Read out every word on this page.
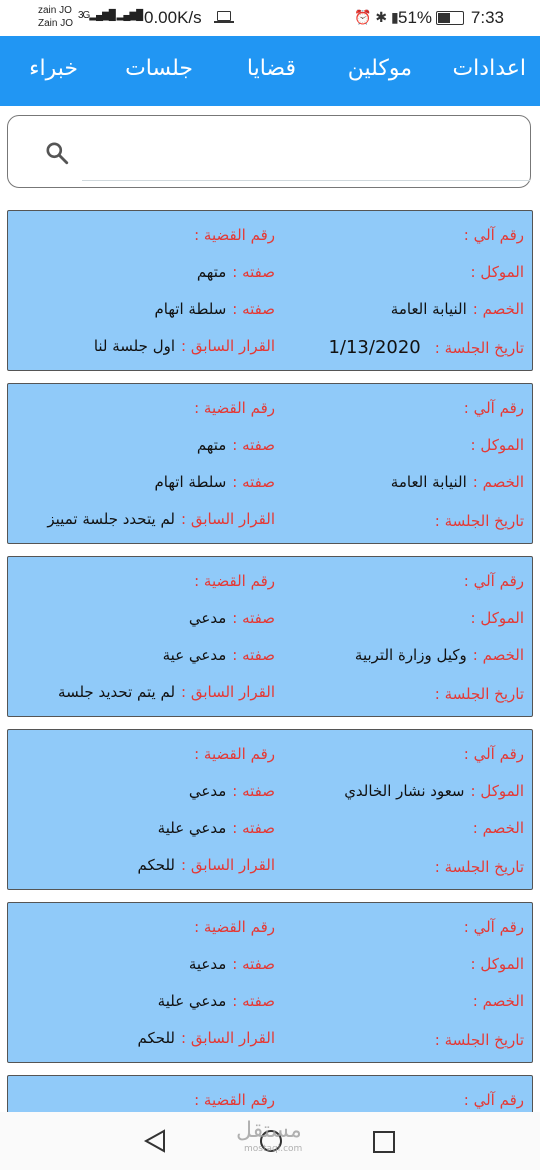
zain JO
Zain JO
3G▂▄▆█ ▂▄▆█ 0.00K/s	⏰ ✱ ▮ 51% 7:33
اعدادات
موكلين
قضايا
جلسات
خبراء
رقم آلي :
رقم القضية :
الموكل :
صفته :متهم
الخصم :النيابة العامة
صفته :سلطة اتهام
تاريخ الجلسة :1/13/2020
القرار السابق :اول جلسة لنا
رقم آلي :
رقم القضية :
الموكل :
صفته :متهم
الخصم :النيابة العامة
صفته :سلطة اتهام
تاريخ الجلسة :
القرار السابق :لم يتحدد جلسة تمييز
رقم آلي :
رقم القضية :
الموكل :
صفته :مدعي
الخصم :وكيل وزارة التربية
صفته :مدعي عية
تاريخ الجلسة :
القرار السابق :لم يتم تحديد جلسة
رقم آلي :
رقم القضية :
الموكل :سعود نشار الخالدي
صفته :مدعي
الخصم :
صفته :مدعي علية
تاريخ الجلسة :
القرار السابق :للحكم
رقم آلي :
رقم القضية :
الموكل :
صفته :مدعية
الخصم :
صفته :مدعي علية
تاريخ الجلسة :
القرار السابق :للحكم
رقم آلي :
رقم القضية :
مستقل
mostaql.com
